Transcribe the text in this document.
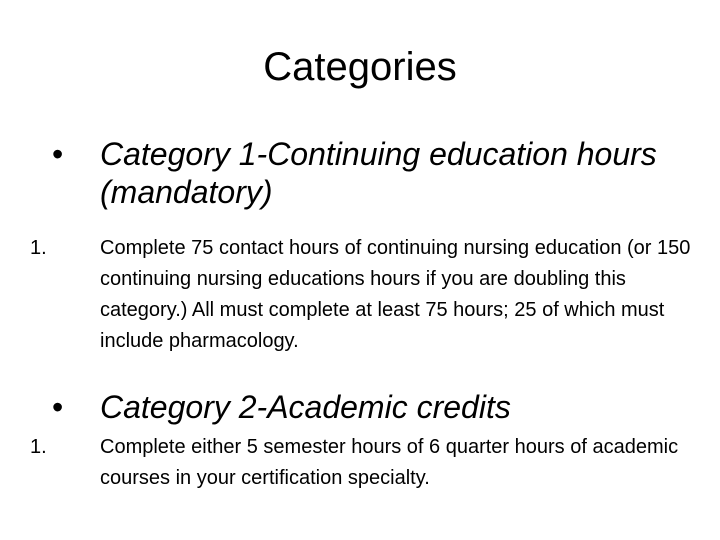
Categories
• Category 1-Continuing education hours (mandatory)
1.	Complete 75 contact hours of continuing nursing education (or 150 continuing nursing educations hours if you are doubling this category.) All must complete at least 75 hours; 25 of which must include pharmacology.
• Category 2-Academic credits
1.	Complete either 5 semester hours of 6 quarter hours of academic courses in your certification specialty.
